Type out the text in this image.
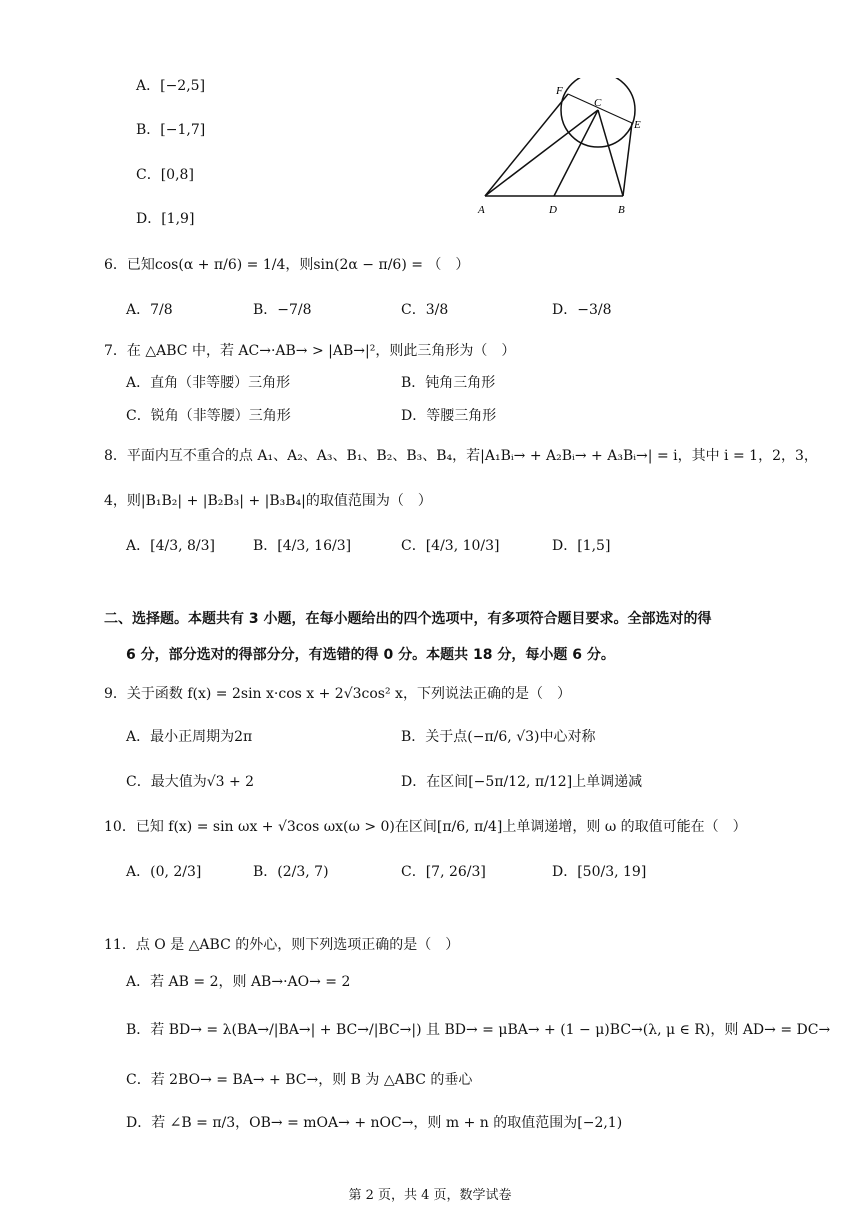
A．[−2,5]
B．[−1,7]
C．[0,8]
D．[1,9]
F
C
E
A	D	B
6．已知cos(α + π/6) = 1/4，则sin(2α − π/6) = （　）
A．7/8	B．−7/8	C．3/8	D．−3/8
7．在 △ABC 中，若 AC→·AB→ > |AB→|²，则此三角形为（　）
A．直角（非等腰）三角形	B．钝角三角形
C．锐角（非等腰）三角形	D．等腰三角形
8．平面内互不重合的点 A₁、A₂、A₃、B₁、B₂、B₃、B₄，若|A₁Bᵢ→ + A₂Bᵢ→ + A₃Bᵢ→| = i，其中 i = 1，2，3，
4，则|B₁B₂| + |B₂B₃| + |B₃B₄|的取值范围为（　）
A．[4/3, 8/3]	B．[4/3, 16/3]	C．[4/3, 10/3]	D．[1,5]
二、选择题。本题共有 3 小题，在每小题给出的四个选项中，有多项符合题目要求。全部选对的得
6 分，部分选对的得部分分，有选错的得 0 分。本题共 18 分，每小题 6 分。
9．关于函数 f(x) = 2sin x·cos x + 2√3cos² x，下列说法正确的是（　）
A．最小正周期为2π	B．关于点(−π/6, √3)中心对称
C．最大值为√3 + 2	D．在区间[−5π/12, π/12]上单调递减
10．已知 f(x) = sin ωx + √3cos ωx(ω > 0)在区间[π/6, π/4]上单调递增，则 ω 的取值可能在（　）
A．(0, 2/3]	B．(2/3, 7)	C．[7, 26/3]	D．[50/3, 19]
11．点 O 是 △ABC 的外心，则下列选项正确的是（　）
A．若 AB = 2，则 AB→·AO→ = 2
B．若 BD→ = λ(BA→/|BA→| + BC→/|BC→|) 且 BD→ = μBA→ + (1 − μ)BC→(λ, μ ∈ R)，则 AD→ = DC→
C．若 2BO→ = BA→ + BC→，则 B 为 △ABC 的垂心
D．若 ∠B = π/3，OB→ = mOA→ + nOC→，则 m + n 的取值范围为[−2,1)
第 2 页，共 4 页，数学试卷
